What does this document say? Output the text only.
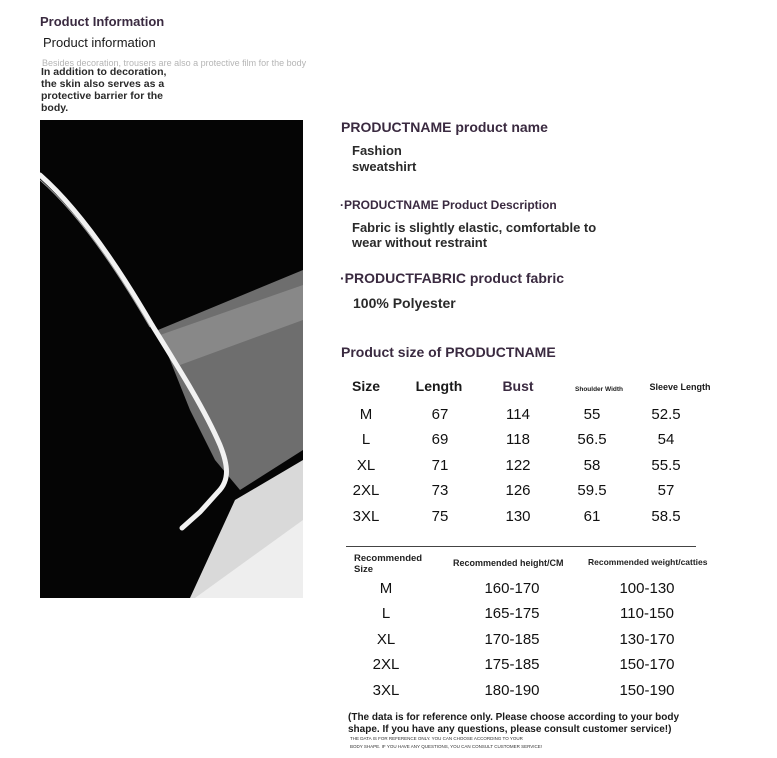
Product Information
Product information
Besides decoration, trousers are also a protective film for the body
In addition to decoration, the skin also serves as a protective barrier for the body.
PRODUCTNAME product name
Fashion
sweatshirt
·PRODUCTNAME Product Description
Fabric is slightly elastic, comfortable to wear without restraint
·PRODUCTFABRIC product fabric
100% Polyester
Product size of PRODUCTNAME
Size	Length	Bust	Shoulder Width	Sleeve Length
M	67	114	55	52.5
L	69	118	56.5	54
XL	71	122	58	55.5
2XL	73	126	59.5	57
3XL	75	130	61	58.5
Recommended Size
Recommended height/CM	Recommended weight/catties
M	160-170	100-130
L	165-175	110-150
XL	170-185	130-170
2XL	175-185	150-170
3XL	180-190	150-190
(The data is for reference only. Please choose according to your body shape. If you have any questions, please consult customer service!)
THE DATA IS FOR REFERENCE ONLY. YOU CAN CHOOSE ACCORDING TO YOUR
BODY SHAPE. IF YOU HAVE ANY QUESTIONS, YOU CAN CONSULT CUSTOMER SERVICE!
